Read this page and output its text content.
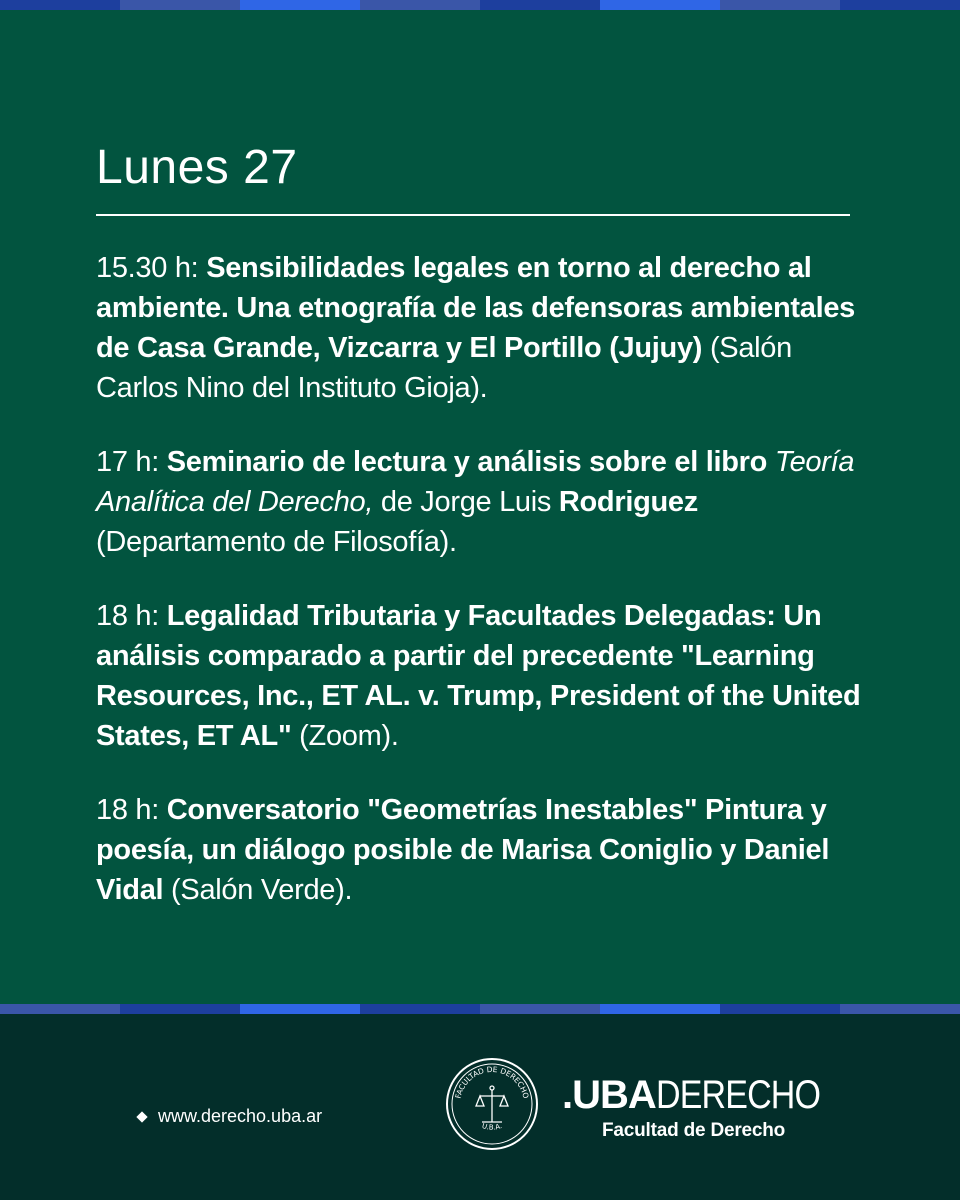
Lunes 27

15.30 h: Sensibilidades legales en torno al derecho al ambiente. Una etnografía de las defensoras ambientales de Casa Grande, Vizcarra y El Portillo (Jujuy) (Salón Carlos Nino del Instituto Gioja).

17 h: Seminario de lectura y análisis sobre el libro Teoría Analítica del Derecho, de Jorge Luis Rodriguez (Departamento de Filosofía).

18 h: Legalidad Tributaria y Facultades Delegadas: Un análisis comparado a partir del precedente "Learning Resources, Inc., ET AL. v. Trump, President of the United States, ET AL" (Zoom).

18 h: Conversatorio "Geometrías Inestables" Pintura y poesía, un diálogo posible de Marisa Coniglio y Daniel Vidal (Salón Verde).

www.derecho.uba.ar
FACULTAD DE DERECHO
U.B.A.
.UBADERECHO
Facultad de Derecho
